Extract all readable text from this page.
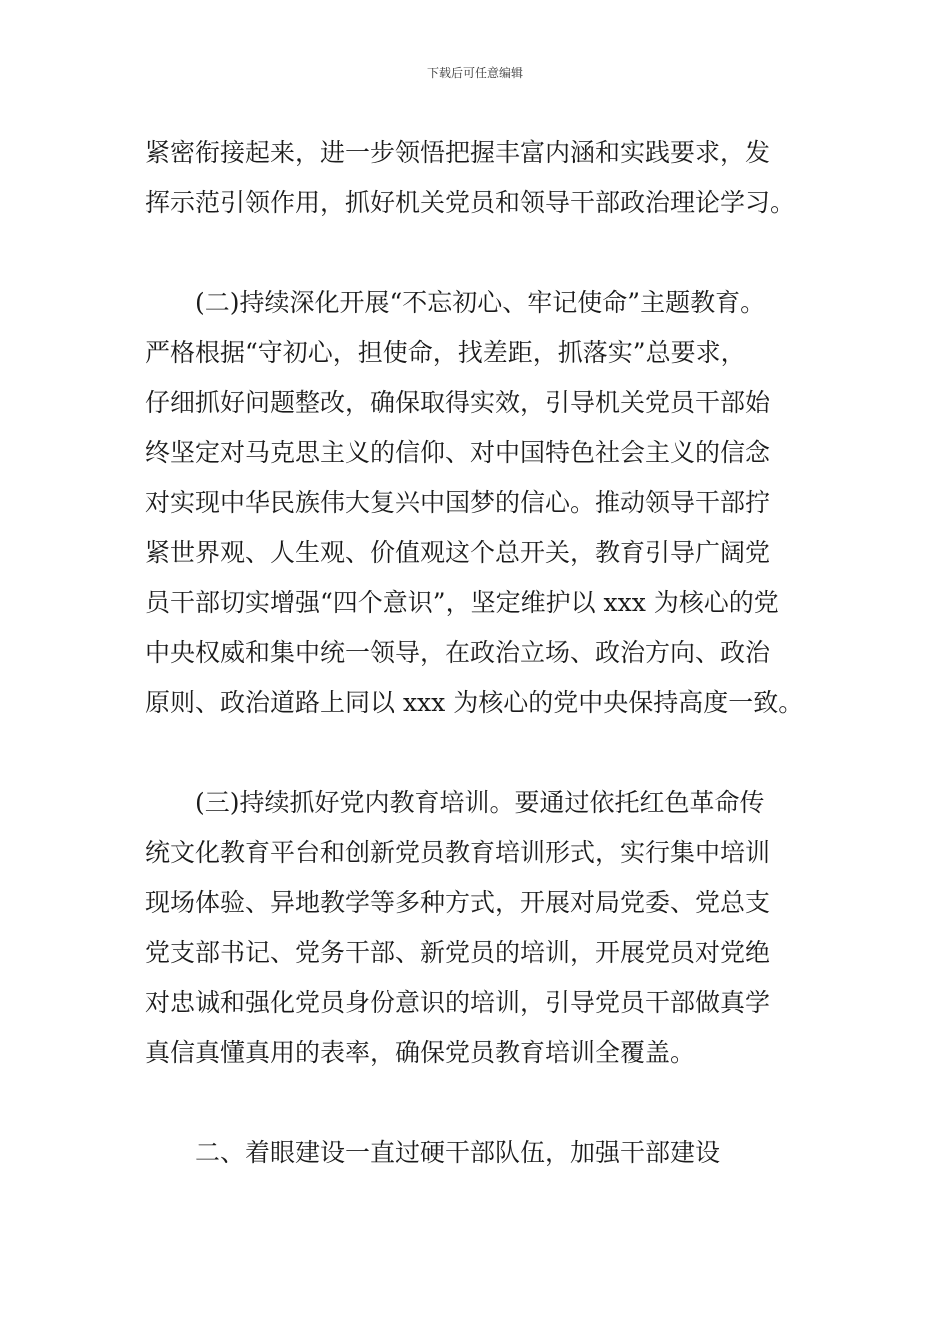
下载后可任意编辑

紧密衔接起来，进一步领悟把握丰富内涵和实践要求，发
挥示范引领作用，抓好机关党员和领导干部政治理论学习。

(二)持续深化开展“不忘初心、牢记使命”主题教育。
严格根据“守初心，担使命，找差距，抓落实”总要求，
仔细抓好问题整改，确保取得实效，引导机关党员干部始
终坚定对马克思主义的信仰、对中国特色社会主义的信念
对实现中华民族伟大复兴中国梦的信心。推动领导干部拧
紧世界观、人生观、价值观这个总开关，教育引导广阔党
员干部切实增强“四个意识”，坚定维护以 xxx 为核心的党
中央权威和集中统一领导，在政治立场、政治方向、政治
原则、政治道路上同以 xxx 为核心的党中央保持高度一致。

(三)持续抓好党内教育培训。要通过依托红色革命传
统文化教育平台和创新党员教育培训形式，实行集中培训
现场体验、异地教学等多种方式，开展对局党委、党总支
党支部书记、党务干部、新党员的培训，开展党员对党绝
对忠诚和强化党员身份意识的培训，引导党员干部做真学
真信真懂真用的表率，确保党员教育培训全覆盖。

二、着眼建设一直过硬干部队伍，加强干部建设
